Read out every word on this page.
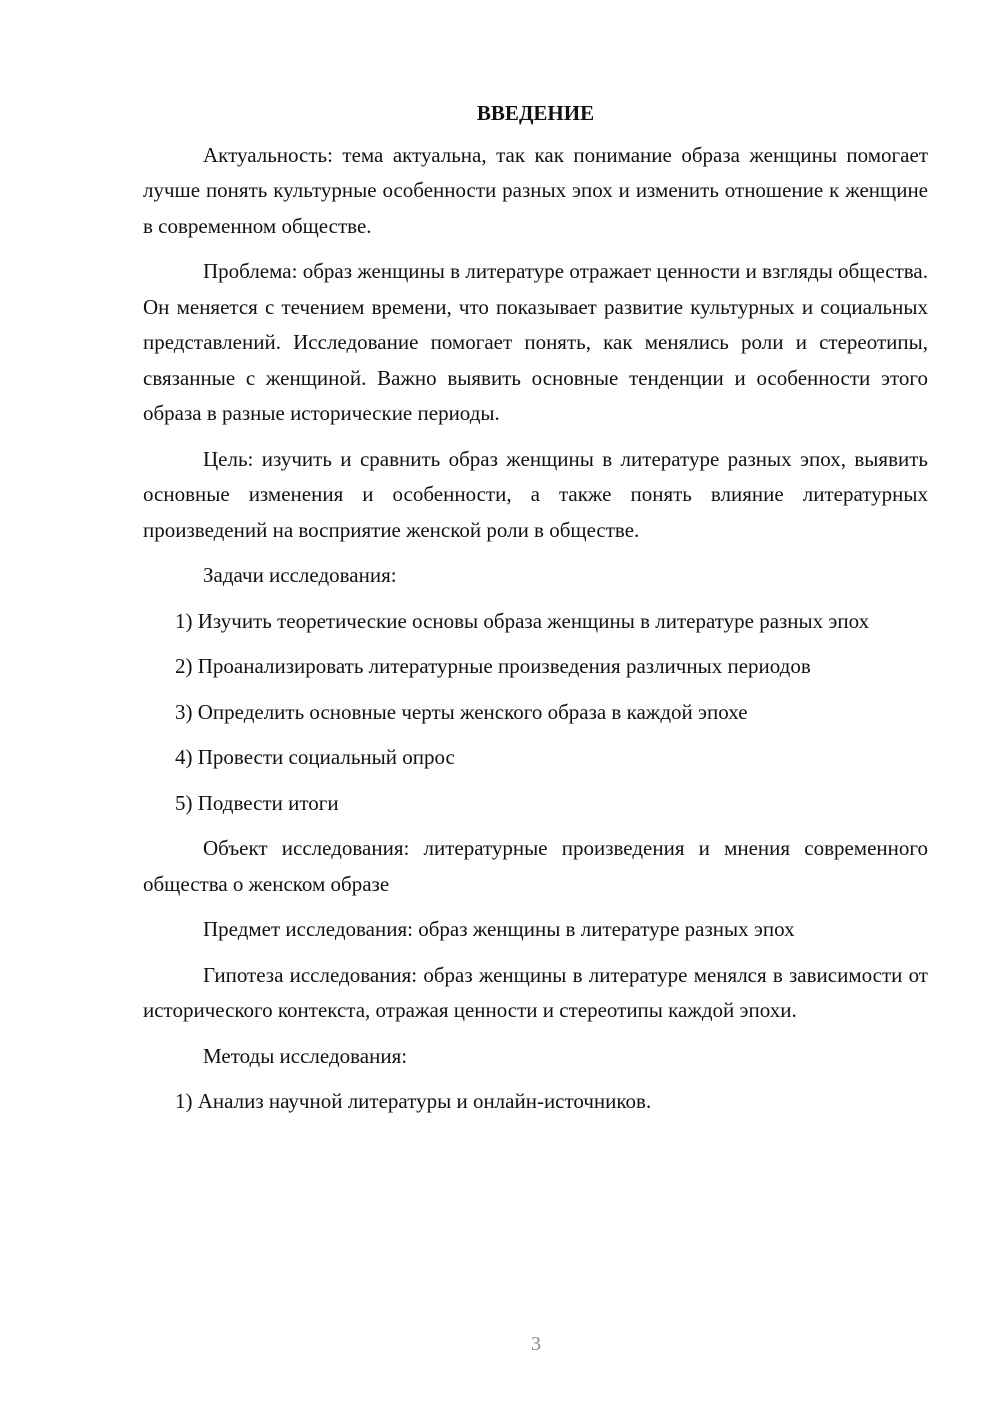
ВВЕДЕНИЕ

Актуальность: тема актуальна, так как понимание образа женщины помогает лучше понять культурные особенности разных эпох и изменить отношение к женщине в современном обществе.

Проблема: образ женщины в литературе отражает ценности и взгляды общества. Он меняется с течением времени, что показывает развитие культурных и социальных представлений. Исследование помогает понять, как менялись роли и стереотипы, связанные с женщиной. Важно выявить основные тенденции и особенности этого образа в разные исторические периоды.

Цель: изучить и сравнить образ женщины в литературе разных эпох, выявить основные изменения и особенности, а также понять влияние литературных произведений на восприятие женской роли в обществе.

Задачи исследования:

1) Изучить теоретические основы образа женщины в литературе разных эпох

2) Проанализировать литературные произведения различных периодов

3) Определить основные черты женского образа в каждой эпохе

4) Провести социальный опрос

5) Подвести итоги

Объект исследования: литературные произведения и мнения современного общества о женском образе

Предмет исследования: образ женщины в литературе разных эпох

Гипотеза исследования: образ женщины в литературе менялся в зависимости от исторического контекста, отражая ценности и стереотипы каждой эпохи.

Методы исследования:

1) Анализ научной литературы и онлайн-источников.

3
